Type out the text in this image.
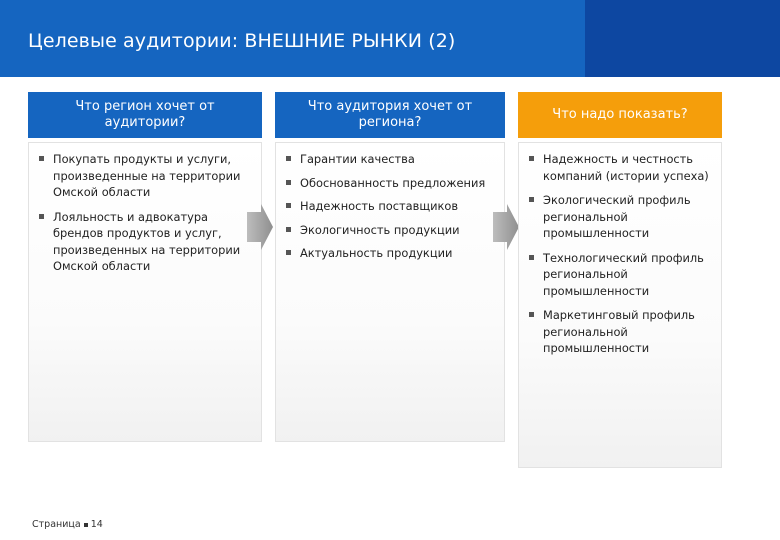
Целевые аудитории: ВНЕШНИЕ РЫНКИ (2)
Что регион хочет от аудитории?
Покупать продукты и услуги, произведенные на территории Омской области
Лояльность и адвокатура брендов продуктов и услуг, произведенных на территории Омской области
Что аудитория хочет от региона?
Гарантии качества
Обоснованность предложения
Надежность поставщиков
Экологичность продукции
Актуальность продукции
Что надо показать?
Надежность и честность компаний (истории успеха)
Экологический профиль региональной промышленности
Технологический профиль региональной промышленности
Маркетинговый профиль региональной промышленности
Страница 14
